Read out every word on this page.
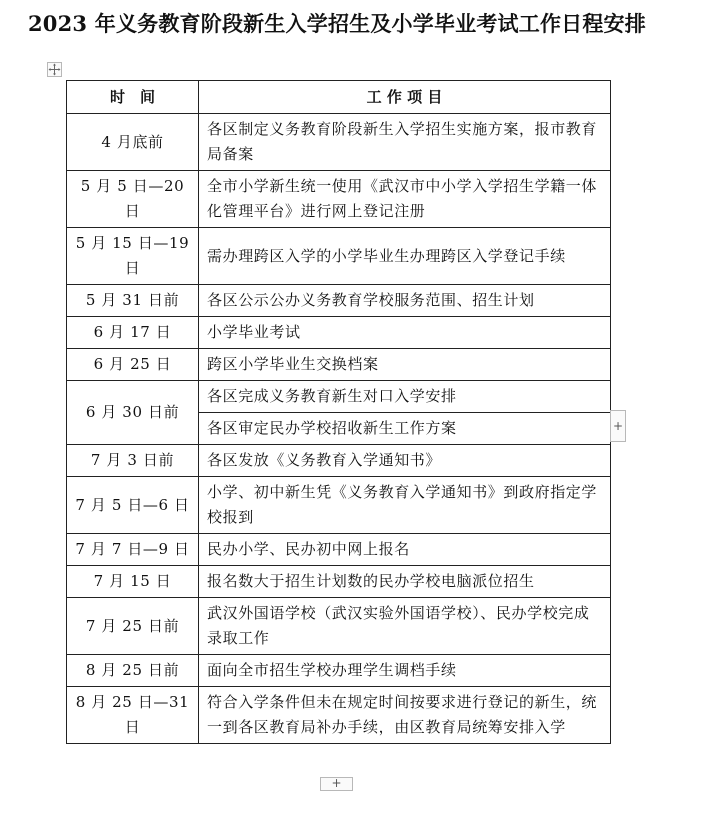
2023 年义务教育阶段新生入学招生及小学毕业考试工作日程安排
时　间	工 作 项 目
4 月底前	各区制定义务教育阶段新生入学招生实施方案，报市教育局备案
5 月 5 日—20 日	全市小学新生统一使用《武汉市中小学入学招生学籍一体化管理平台》进行网上登记注册
5 月 15 日—19 日	需办理跨区入学的小学毕业生办理跨区入学登记手续
5 月 31 日前	各区公示公办义务教育学校服务范围、招生计划
6 月 17 日	小学毕业考试
6 月 25 日	跨区小学毕业生交换档案
6 月 30 日前	各区完成义务教育新生对口入学安排
	各区审定民办学校招收新生工作方案
7 月 3 日前	各区发放《义务教育入学通知书》
7 月 5 日—6 日	小学、初中新生凭《义务教育入学通知书》到政府指定学校报到
7 月 7 日—9 日	民办小学、民办初中网上报名
7 月 15 日	报名数大于招生计划数的民办学校电脑派位招生
7 月 25 日前	武汉外国语学校（武汉实验外国语学校）、民办学校完成录取工作
8 月 25 日前	面向全市招生学校办理学生调档手续
8 月 25 日—31 日	符合入学条件但未在规定时间按要求进行登记的新生，统一到各区教育局补办手续，由区教育局统筹安排入学
+
+
